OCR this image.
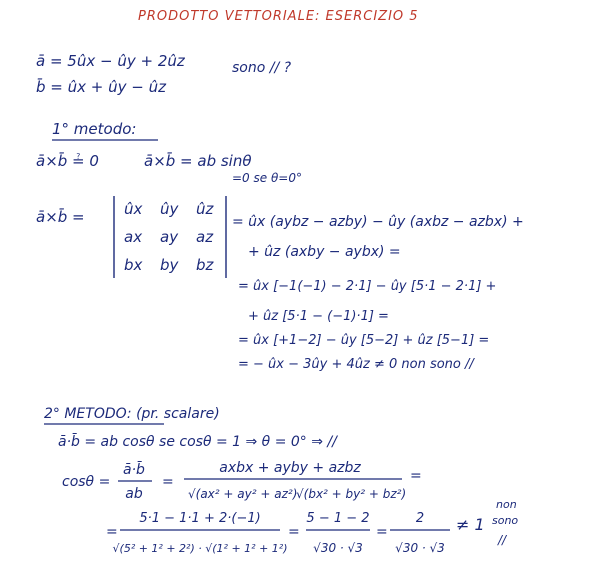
PRODOTTO VETTORIALE: ESERCIZIO 5
ā = 5ûx − ûy + 2ûz
b̄ = ûx + ûy − ûz
sono // ?
1° metodo:
ā×b̄ ≟ 0	ā×b̄ = ab sinθ
=0 se θ=0°
ā×b̄ =	ûx ûy ûz
ax ay az
bx by bz
= ûx (aybz − azby) − ûy (axbz − azbx) +
+ ûz (axby − aybx) =
= ûx [−1(−1) − 2·1] − ûy [5·1 − 2·1] +
+ ûz [5·1 − (−1)·1] =
= ûx [+1−2] − ûy [5−2] + ûz [5−1] =
= − ûx − 3ûy + 4ûz ≠ 0 non sono //
2° METODO: (pr. scalare)
ā·b̄ = ab cosθ se cosθ = 1 ⇒ θ = 0° ⇒ //
cosθ =
ā·b̄
ab
=
axbx + ayby + azbz
√(ax² + ay² + az²)
√(bx² + by² + bz²)
=
=
5·1 − 1·1 + 2·(−1)
√(5² + 1² + 2²) · √(1² + 1² + 1²)
=
5 − 1 − 2
√30 · √3
=
2
√30 · √3
≠ 1
non
sono
//
